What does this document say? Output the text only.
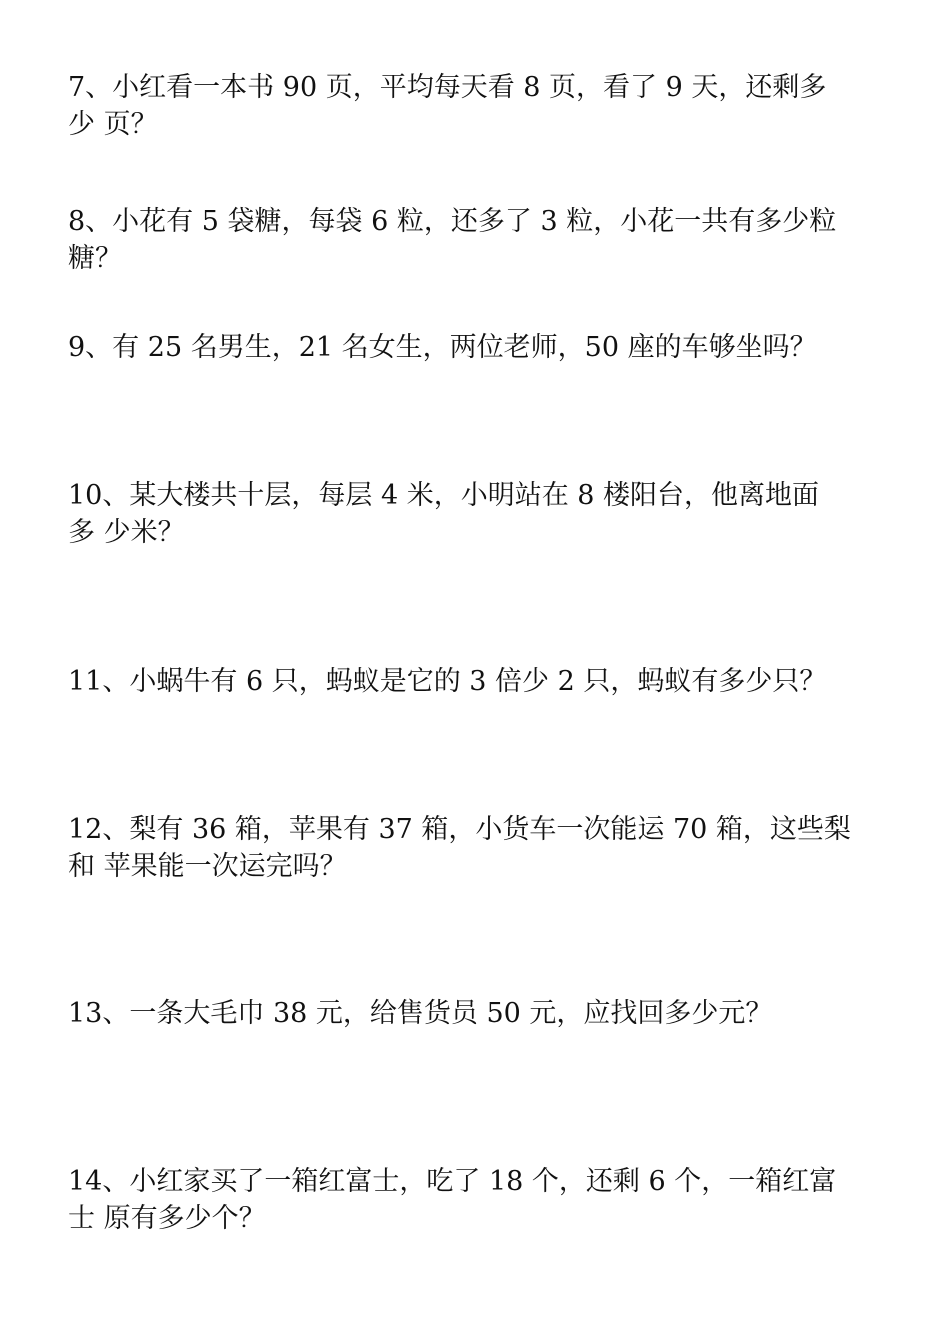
7、小红看一本书 90 页，平均每天看 8 页，看了 9 天，还剩多
少 页？

8、小花有 5 袋糖，每袋 6 粒，还多了 3 粒，小花一共有多少粒
糖？

9、有 25 名男生，21 名女生，两位老师，50 座的车够坐吗？

10、某大楼共十层，每层 4 米，小明站在 8 楼阳台，他离地面
多 少米？

11、小蜗牛有 6 只，蚂蚁是它的 3 倍少 2 只，蚂蚁有多少只？

12、梨有 36 箱，苹果有 37 箱，小货车一次能运 70 箱，这些梨
和 苹果能一次运完吗？

13、一条大毛巾 38 元，给售货员 50 元，应找回多少元？

14、小红家买了一箱红富士，吃了 18 个，还剩 6 个，一箱红富
士 原有多少个？
